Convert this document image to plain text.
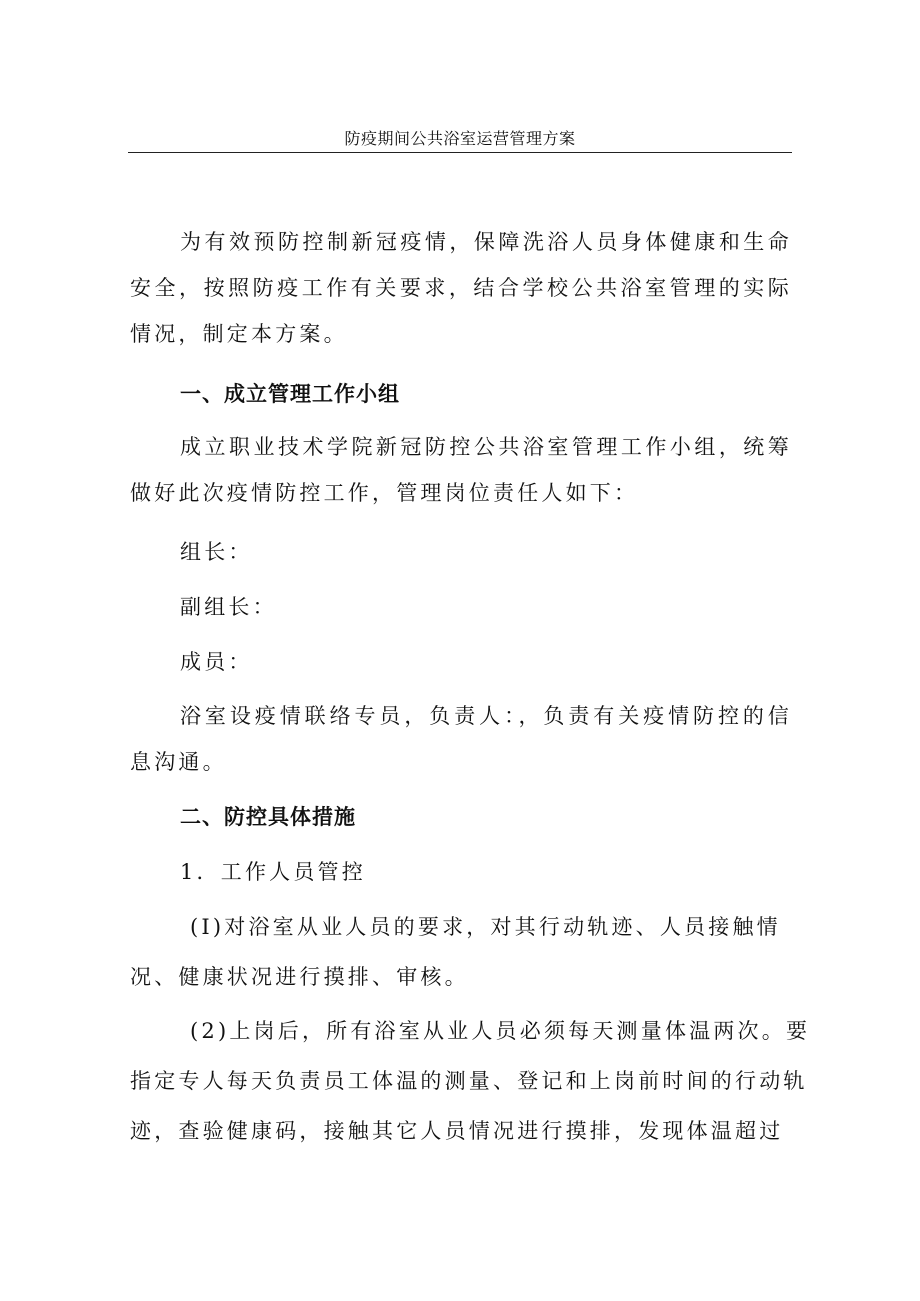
防疫期间公共浴室运营管理方案

为有效预防控制新冠疫情，保障洗浴人员身体健康和生命安全，按照防疫工作有关要求，结合学校公共浴室管理的实际情况，制定本方案。

一、成立管理工作小组

成立职业技术学院新冠防控公共浴室管理工作小组，统筹做好此次疫情防控工作，管理岗位责任人如下：

组长：
副组长：
成员：

浴室设疫情联络专员，负责人：，负责有关疫情防控的信息沟通。

二、防控具体措施

1．工作人员管控
(I)对浴室从业人员的要求，对其行动轨迹、人员接触情
况、健康状况进行摸排、审核。
(2)上岗后，所有浴室从业人员必须每天测量体温两次。要
指定专人每天负责员工体温的测量、登记和上岗前时间的行动轨
迹，查验健康码，接触其它人员情况进行摸排，发现体温超过
